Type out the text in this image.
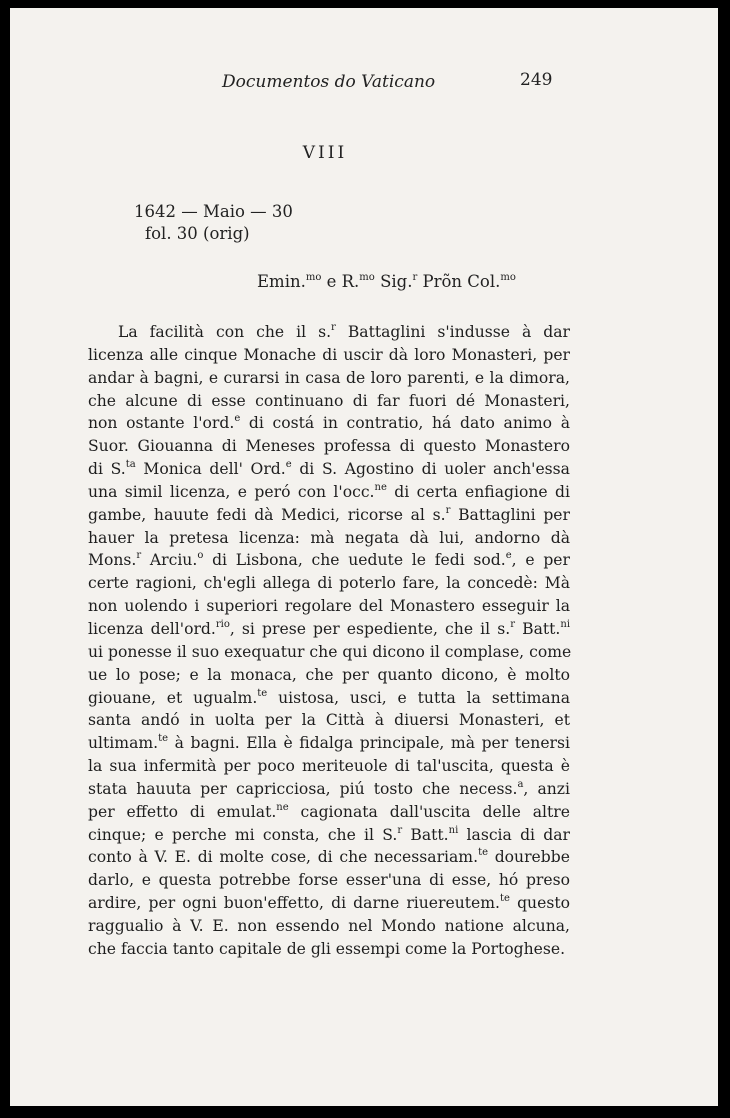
Documentos do Vaticano	249
VIII
1642 — Maio — 30
fol. 30 (orig)
Emin.$^{mo}$ e R.$^{mo}$ Sig.$^r$ Prõn Col.$^{mo}$
La facilità con che il s.$^r$ Battaglini s'indusse à dar
licenza alle cinque Monache di uscir dà loro Monasteri, per
andar à bagni, e curarsi in casa de loro parenti, e la dimora,
che alcune di esse continuano di far fuori dé Monasteri,
non ostante l'ord.$^e$ di costá in contratio, há dato animo à
Suor. Giouanna di Meneses professa di questo Monastero
di S.$^{ta}$ Monica dell' Ord.$^e$ di S. Agostino di uoler anch'essa
una simil licenza, e peró con l'occ.$^{ne}$ di certa enfiagione di
gambe, hauute fedi dà Medici, ricorse al s.$^r$ Battaglini per
hauer la pretesa licenza: mà negata dà lui, andorno dà
Mons.$^r$ Arciu.$^o$ di Lisbona, che uedute le fedi sod.$^e$, e per
certe ragioni, ch'egli allega di poterlo fare, la concedè: Mà
non uolendo i superiori regolare del Monastero esseguir la
licenza dell'ord.$^{rio}$, si prese per espediente, che il s.$^r$ Batt.$^{ni}$
ui ponesse il suo exequatur che qui dicono il complase, come
ue lo pose; e la monaca, che per quanto dicono, è molto
giouane, et ugualm.$^{te}$ uistosa, usci, e tutta la settimana
santa andó in uolta per la Città à diuersi Monasteri, et
ultimam.$^{te}$ à bagni. Ella è fidalga principale, mà per tenersi
la sua infermità per poco meriteuole di tal'uscita, questa è
stata hauuta per capricciosa, piú tosto che necess.$^a$, anzi
per effetto di emulat.$^{ne}$ cagionata dall'uscita delle altre
cinque; e perche mi consta, che il S.$^r$ Batt.$^{ni}$ lascia di dar
conto à V. E. di molte cose, di che necessariam.$^{te}$ dourebbe
darlo, e questa potrebbe forse esser'una di esse, hó preso
ardire, per ogni buon'effetto, di darne riuereutem.$^{te}$ questo
raggualio à V. E. non essendo nel Mondo natione alcuna,
che faccia tanto capitale de gli essempi come la Portoghese.
